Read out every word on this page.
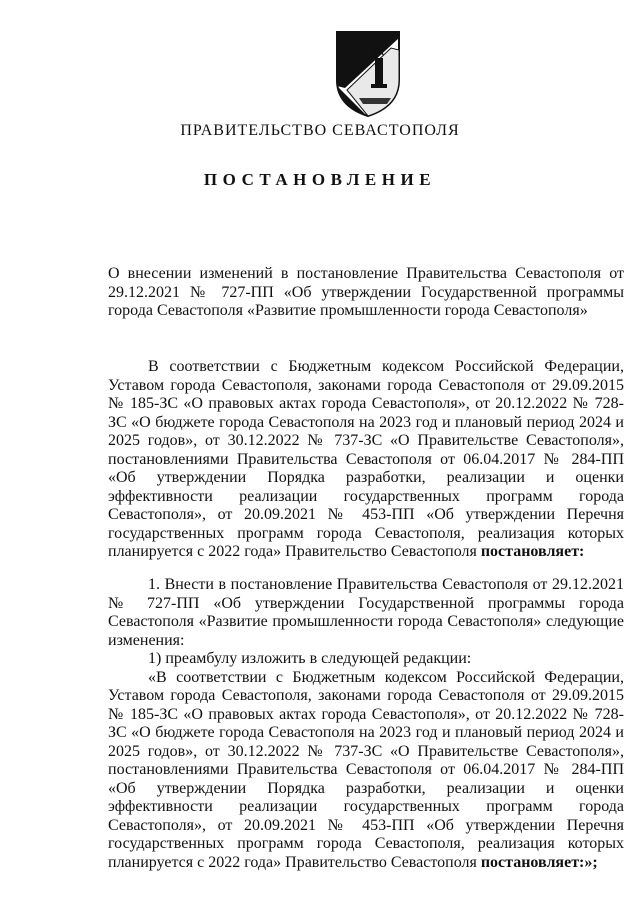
ПРАВИТЕЛЬСТВО СЕВАСТОПОЛЯ
ПОСТАНОВЛЕНИЕ
О внесении изменений в постановление Правительства Севастополя от 29.12.2021 № 727-ПП «Об утверждении Государственной программы города Севастополя «Развитие промышленности города Севастополя»

В соответствии с Бюджетным кодексом Российской Федерации, Уставом города Севастополя, законами города Севастополя от 29.09.2015 № 185-ЗС «О правовых актах города Севастополя», от 20.12.2022 № 728-ЗС «О бюджете города Севастополя на 2023 год и плановый период 2024 и 2025 годов», от 30.12.2022 № 737-ЗС «О Правительстве Севастополя», постановлениями Правительства Севастополя от 06.04.2017 № 284-ПП «Об утверждении Порядка разработки, реализации и оценки эффективности реализации государственных программ города Севастополя», от 20.09.2021 № 453-ПП «Об утверждении Перечня государственных программ города Севастополя, реализация которых планируется с 2022 года» Правительство Севастополя постановляет:

1. Внести в постановление Правительства Севастополя от 29.12.2021 № 727-ПП «Об утверждении Государственной программы города Севастополя «Развитие промышленности города Севастополя» следующие изменения:

1) преамбулу изложить в следующей редакции:

«В соответствии с Бюджетным кодексом Российской Федерации, Уставом города Севастополя, законами города Севастополя от 29.09.2015 № 185-ЗС «О правовых актах города Севастополя», от 20.12.2022 № 728-ЗС «О бюджете города Севастополя на 2023 год и плановый период 2024 и 2025 годов», от 30.12.2022 № 737-ЗС «О Правительстве Севастополя», постановлениями Правительства Севастополя от 06.04.2017 № 284-ПП «Об утверждении Порядка разработки, реализации и оценки эффективности реализации государственных программ города Севастополя», от 20.09.2021 № 453-ПП «Об утверждении Перечня государственных программ города Севастополя, реализация которых планируется с 2022 года» Правительство Севастополя постановляет:»;
